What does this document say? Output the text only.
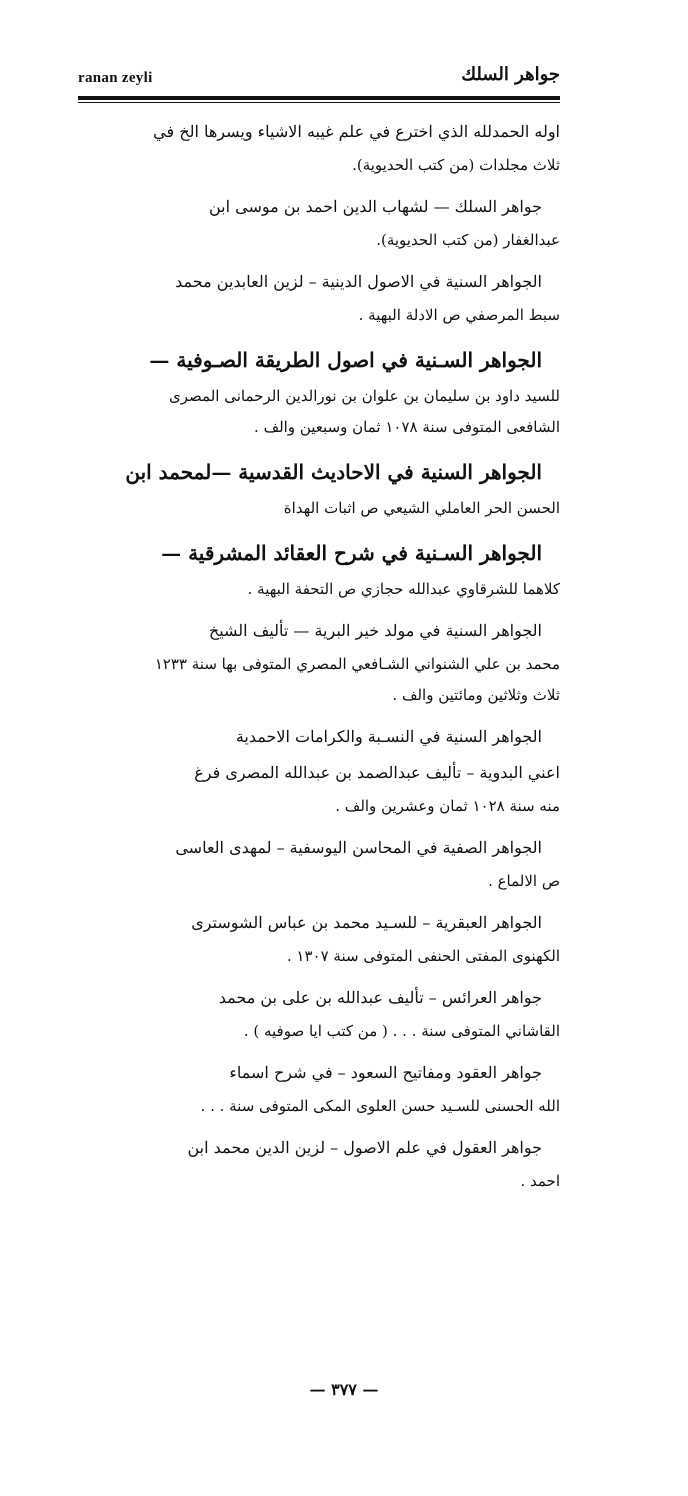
ranan zeyli	جواهر السلك
اوله الحمدلله الذي اخترع في علم غيبه الاشياء ويسرها الخ في
ثلاث مجلدات (من كتب الحديوية).
جواهر السلك — لشهاب الدين احمد بن موسى ابن
عبدالغفار (من كتب الحديوية).
الجواهر السنية في الاصول الدينية – لزين العابدين محمد
سبط المرصفي ص الادلة البهية .
الجواهر السـنية في اصول الطريقة الصـوفية —
للسيد داود بن سليمان بن علوان بن نورالدين الرحمانى المصرى
الشافعى المتوفى سنة ١٠٧٨ ثمان وسبعين والف .
الجواهر السنية في الاحاديث القدسية —لمحمد ابن
الحسن الحر العاملي الشيعي ص اثبات الهداة
الجواهر السـنية في شرح العقائد المشرقية —
كلاهما للشرقاوي عبدالله حجازي ص التحفة البهية .
الجواهر السنية في مولد خير البرية — تأليف الشيخ
محمد بن علي الشنواني الشـافعي المصري المتوفى بها سنة ١٢٣٣
ثلاث وثلاثين ومائتين والف .
الجواهر السنية في النسـبة والكرامات الاحمدية
اعني البدوية – تأليف عبدالصمد بن عبدالله المصرى فرغ
منه سنة ١٠٢٨ ثمان وعشرين والف .
الجواهر الصفية في المحاسن اليوسفية – لمهدى العاسى
ص الالماع .
الجواهر العبقرية – للسـيد محمد بن عباس الشوسترى
الكهنوى المفتى الحنفى المتوفى سنة ١٣٠٧ .
جواهر العرائس – تأليف عبدالله بن على بن محمد
القاشاني المتوفى سنة . . . ( من كتب ايا صوفيه ) .
جواهر العقود ومفاتيح السعود – في شرح اسماء
الله الحسنى للسـيد حسن العلوى المكى المتوفى سنة . . .
جواهر العقول في علم الاصول – لزين الدين محمد ابن
احمد .
— ٣٧٧ —
